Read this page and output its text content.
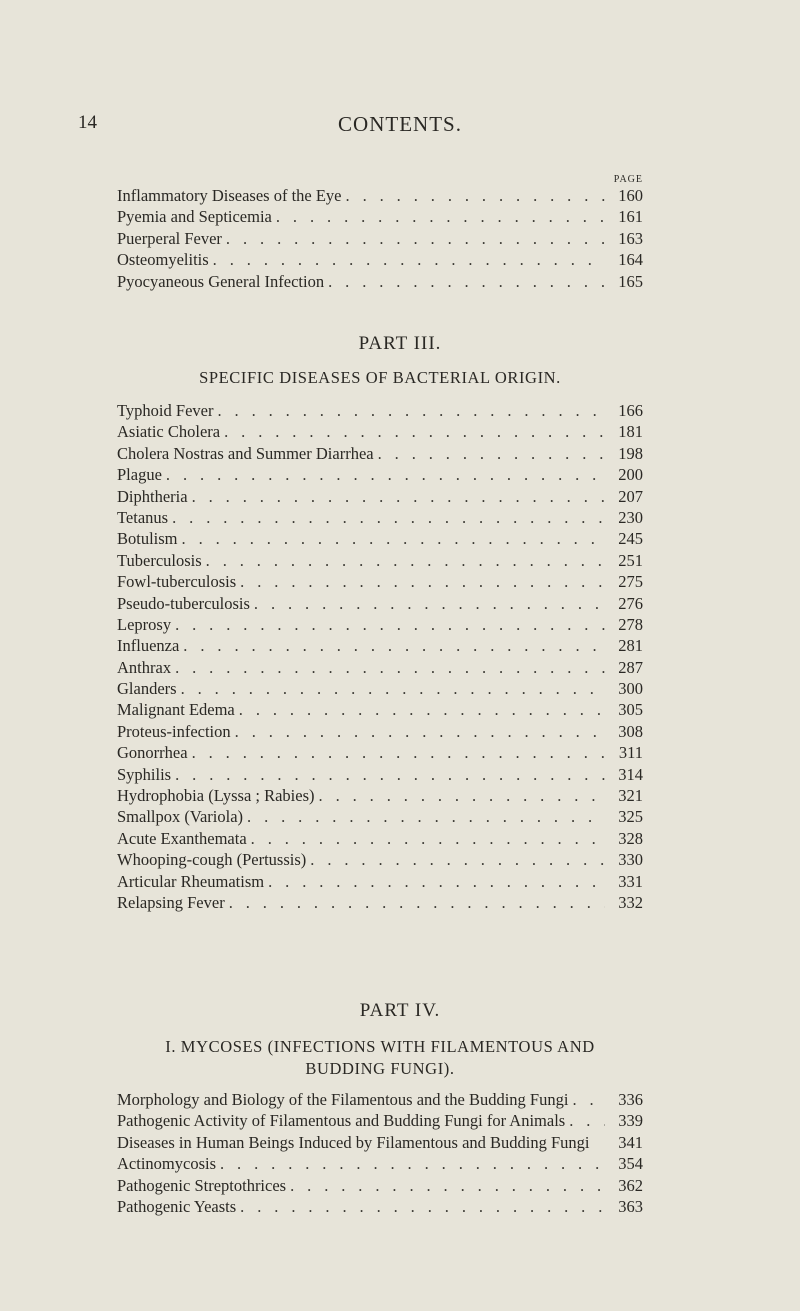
14	CONTENTS.
PAGE
Inflammatory Diseases of the Eye . . .	160
Pyemia and Septicemia . . .	161
Puerperal Fever . . .	163
Osteomyelitis . . .	164
Pyocyaneous General Infection . . .	165
PART III.
SPECIFIC DISEASES OF BACTERIAL ORIGIN.
Typhoid Fever . . .	166
Asiatic Cholera . . .	181
Cholera Nostras and Summer Diarrhea . . .	198
Plague . . .	200
Diphtheria . . .	207
Tetanus . . .	230
Botulism . . .	245
Tuberculosis . . .	251
Fowl-tuberculosis . . .	275
Pseudo-tuberculosis . . .	276
Leprosy . . .	278
Influenza . . .	281
Anthrax . . .	287
Glanders . . .	300
Malignant Edema . . .	305
Proteus-infection . . .	308
Gonorrhea . . .	311
Syphilis . . .	314
Hydrophobia (Lyssa ; Rabies) . . .	321
Smallpox (Variola) . . .	325
Acute Exanthemata . . .	328
Whooping-cough (Pertussis) . . .	330
Articular Rheumatism . . .	331
Relapsing Fever . . .	332
PART IV.
I. MYCOSES (INFECTIONS WITH FILAMENTOUS AND
BUDDING FUNGI).
Morphology and Biology of the Filamentous and the Budding Fungi . . .	336
Pathogenic Activity of Filamentous and Budding Fungi for Animals . . .	339
Diseases in Human Beings Induced by Filamentous and Budding Fungi	341
Actinomycosis . . .	354
Pathogenic Streptothrices . . .	362
Pathogenic Yeasts . . .	363
